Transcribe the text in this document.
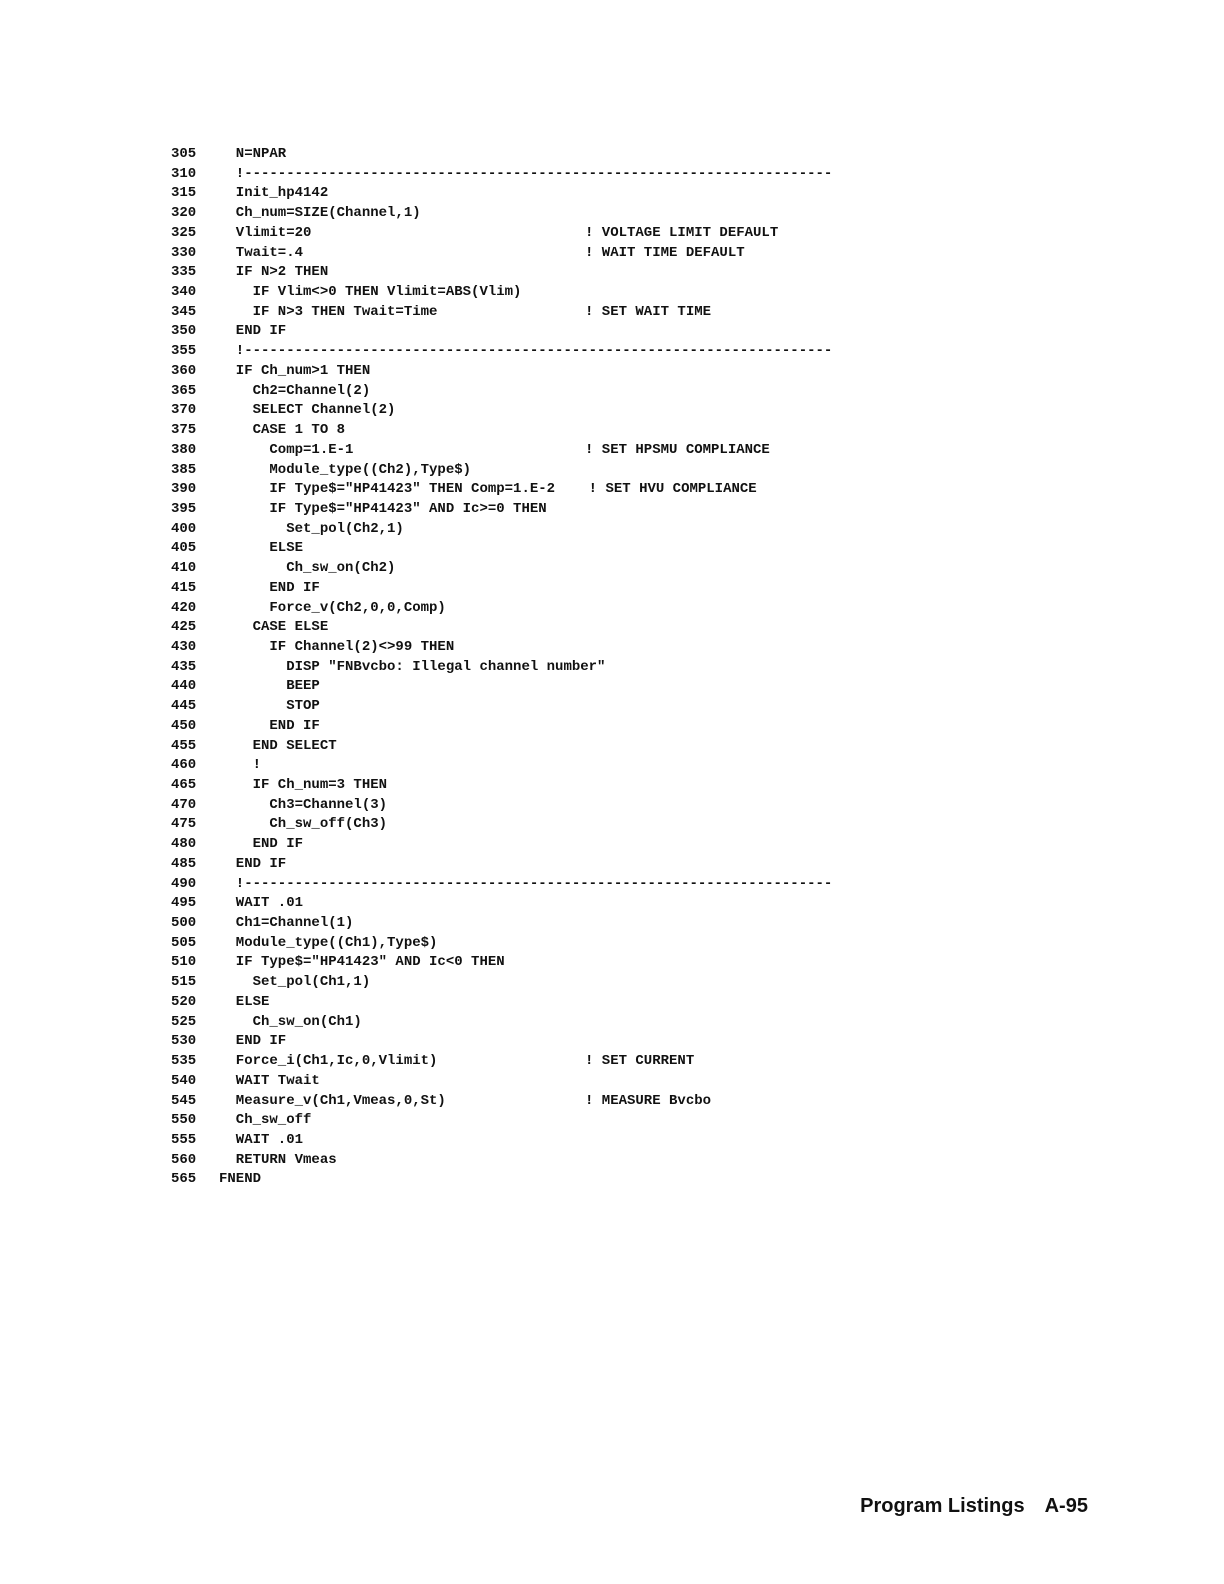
305 N=NPAR
310 !----------------------------------------------------------------------
315 Init_hp4142
320 Ch_num=SIZE(Channel,1)
325 Vlimit=20	! VOLTAGE LIMIT DEFAULT
330 Twait=.4	! WAIT TIME DEFAULT
335 IF N>2 THEN
340 IF Vlim<>0 THEN Vlimit=ABS(Vlim)
345 IF N>3 THEN Twait=Time	! SET WAIT TIME
350 END IF
355 !----------------------------------------------------------------------
360 IF Ch_num>1 THEN
365 Ch2=Channel(2)
370 SELECT Channel(2)
375 CASE 1 TO 8
380 Comp=1.E-1	! SET HPSMU COMPLIANCE
385 Module_type((Ch2),Type$)
390 IF Type$="HP41423" THEN Comp=1.E-2    ! SET HVU COMPLIANCE
395 IF Type$="HP41423" AND Ic>=0 THEN
400 Set_pol(Ch2,1)
405 ELSE
410 Ch_sw_on(Ch2)
415 END IF
420 Force_v(Ch2,0,0,Comp)
425 CASE ELSE
430 IF Channel(2)<>99 THEN
435 DISP "FNBvcbo: Illegal channel number"
440 BEEP
445 STOP
450 END IF
455 END SELECT
460 !
465 IF Ch_num=3 THEN
470 Ch3=Channel(3)
475 Ch_sw_off(Ch3)
480 END IF
485 END IF
490 !----------------------------------------------------------------------
495 WAIT .01
500 Ch1=Channel(1)
505 Module_type((Ch1),Type$)
510 IF Type$="HP41423" AND Ic<0 THEN
515 Set_pol(Ch1,1)
520 ELSE
525 Ch_sw_on(Ch1)
530 END IF
535 Force_i(Ch1,Ic,0,Vlimit)	! SET CURRENT
540 WAIT Twait
545 Measure_v(Ch1,Vmeas,0,St)	! MEASURE Bvcbo
550 Ch_sw_off
555 WAIT .01
560 RETURN Vmeas
565 FNEND

Program Listings A-95
